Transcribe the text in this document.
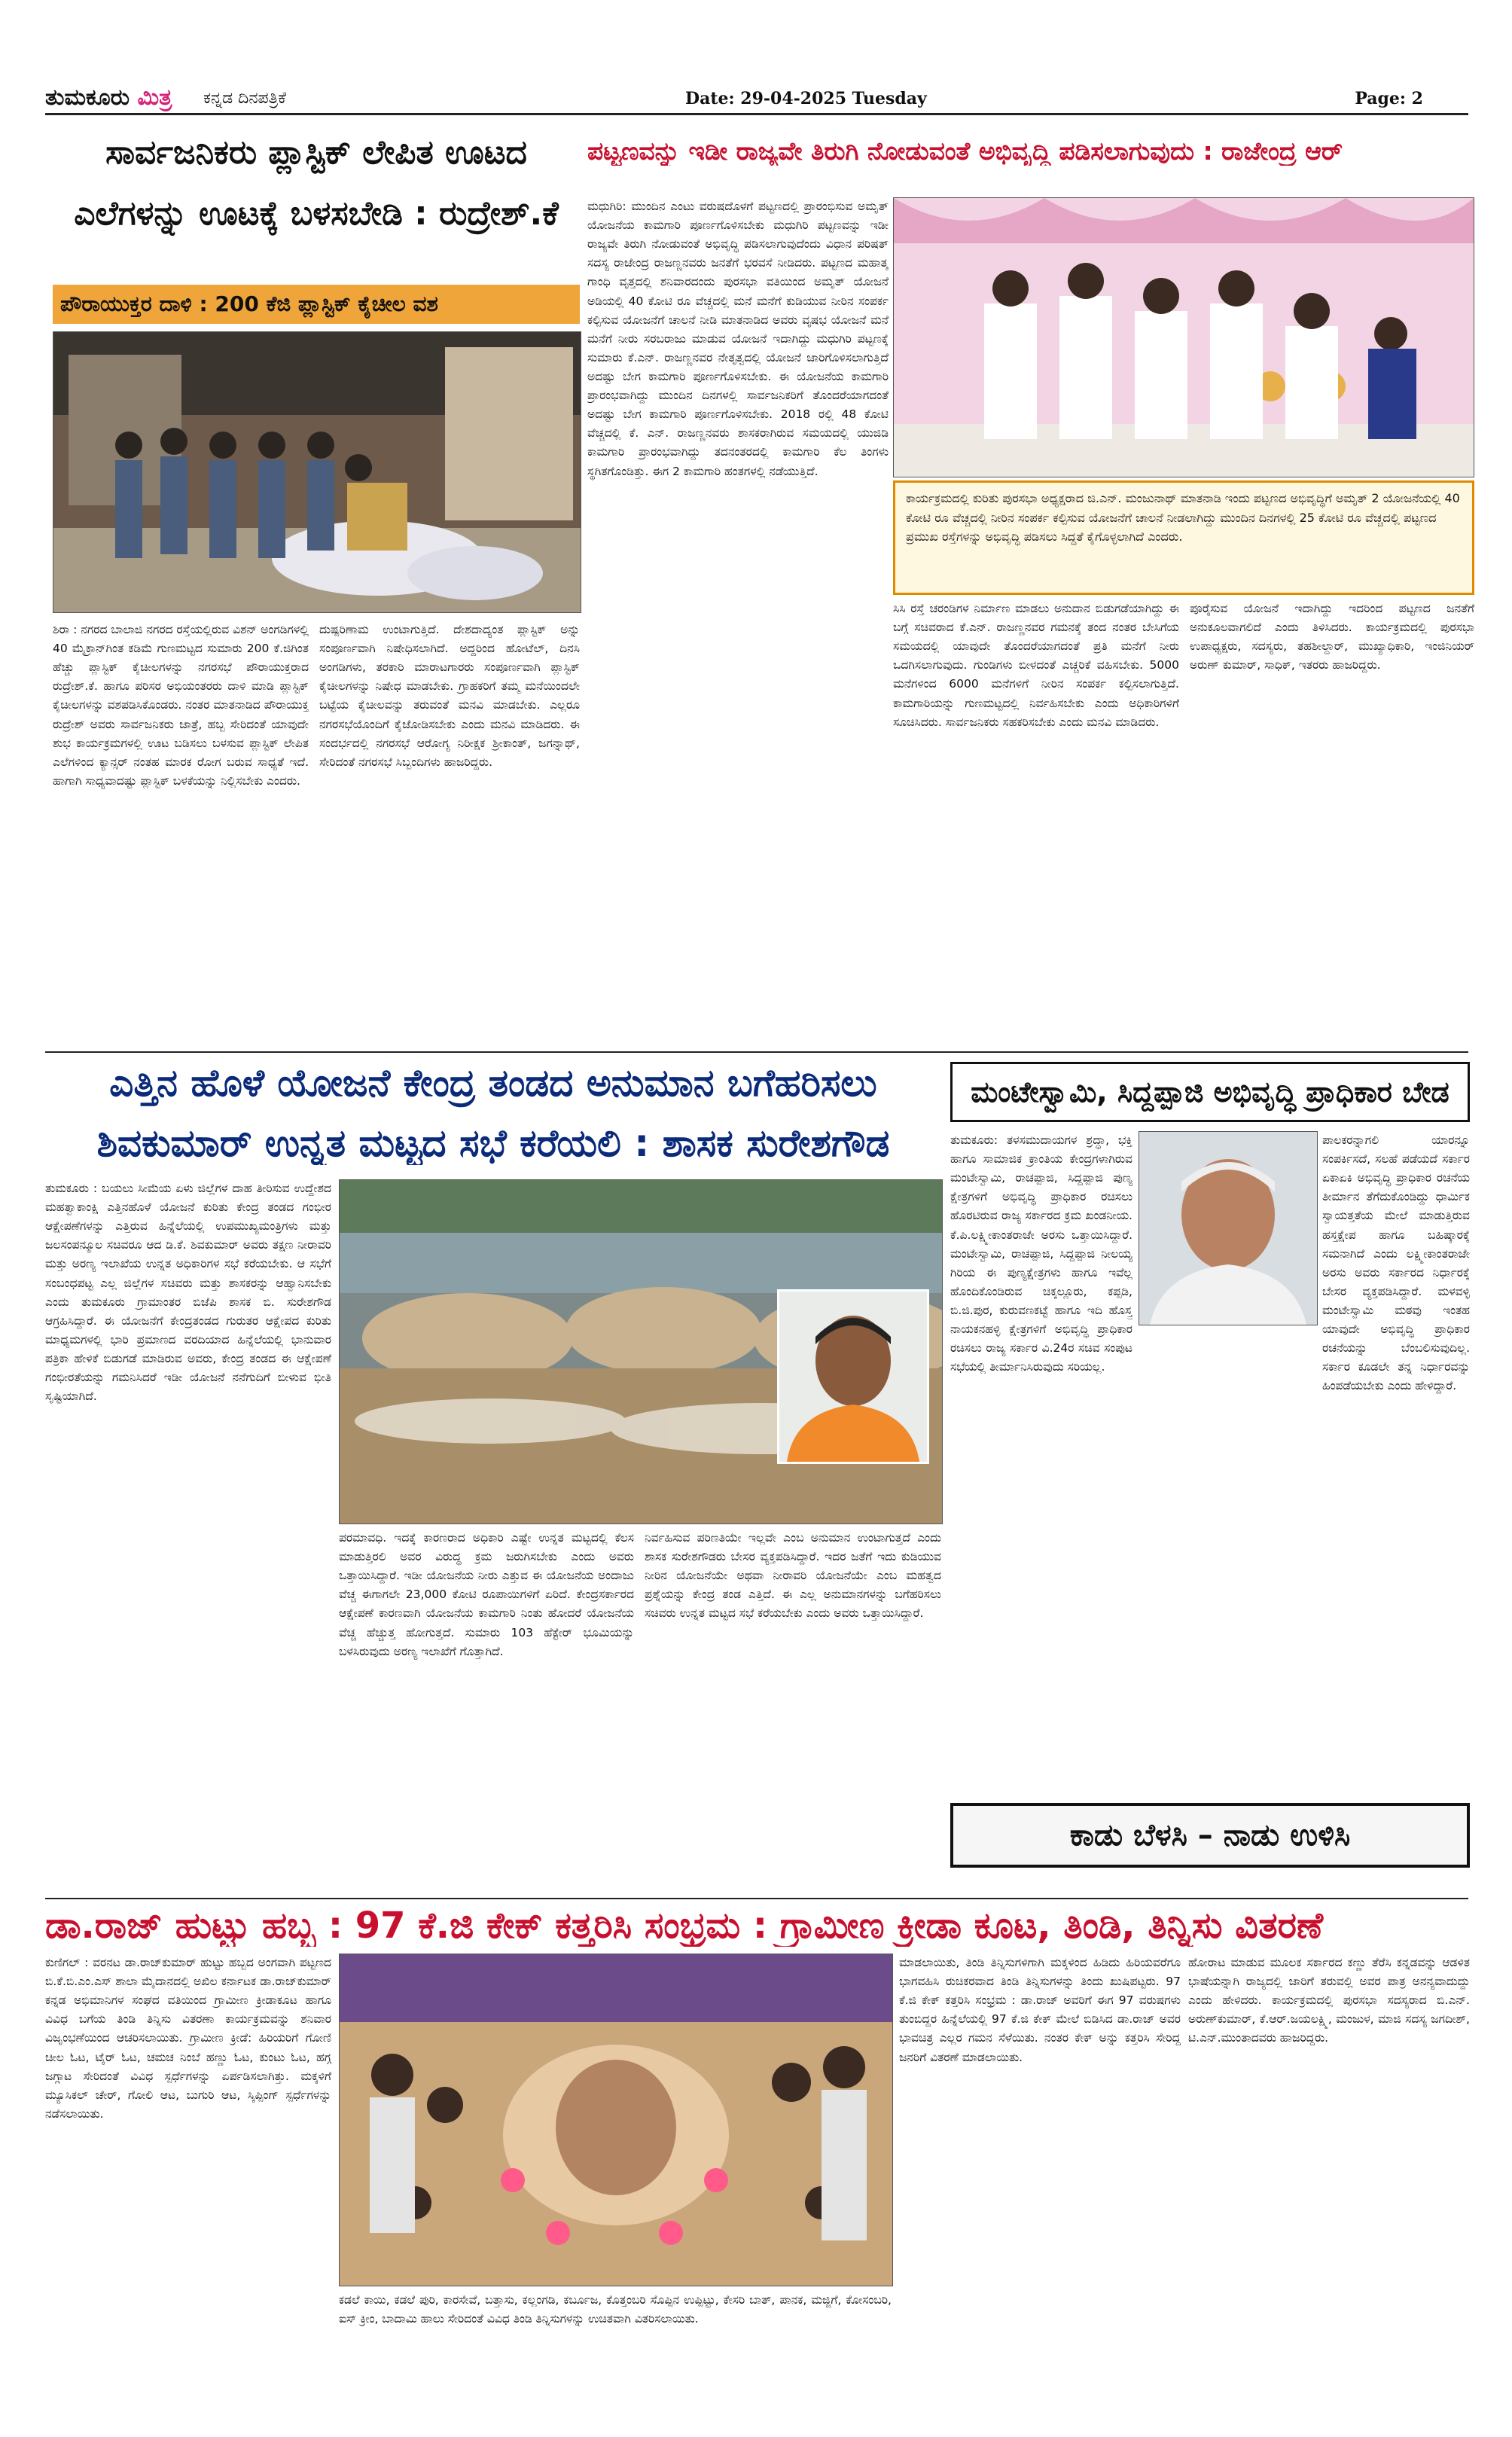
ತುಮಕೂರು ಮಿತ್ರ ಕನ್ನಡ ದಿನಪತ್ರಿಕೆ	Date: 29-04-2025 Tuesday	Page: 2
ಸಾರ್ವಜನಿಕರು ಪ್ಲಾಸ್ಟಿಕ್ ಲೇಪಿತ ಊಟದ
ಎಲೆಗಳನ್ನು ಊಟಕ್ಕೆ ಬಳಸಬೇಡಿ : ರುದ್ರೇಶ್.ಕೆ
ಪೌರಾಯುಕ್ತರ ದಾಳಿ : 200 ಕೆಜಿ ಪ್ಲಾಸ್ಟಿಕ್ ಕೈಚೀಲ ವಶ
ಶಿರಾ : ನಗರದ ಬಾಲಾಜಿ ನಗರದ ರಸ್ತೆಯಲ್ಲಿರುವ ವಿಶನ್ ಅಂಗಡಿಗಳಲ್ಲಿ 40 ಮೈಕ್ರಾನ್‌ಗಿಂತ ಕಡಿಮೆ ಗುಣಮಟ್ಟದ ಸುಮಾರು 200 ಕೆ.ಜಿಗಿಂತ ಹೆಚ್ಚು ಪ್ಲಾಸ್ಟಿಕ್ ಕೈಚೀಲಗಳನ್ನು ನಗರಸಭೆ ಪೌರಾಯುಕ್ತರಾದ ರುದ್ರೇಶ್.ಕೆ. ಹಾಗೂ ಪರಿಸರ ಅಭಿಯಂತರರು ದಾಳಿ ಮಾಡಿ ಪ್ಲಾಸ್ಟಿಕ್ ಕೈಚೀಲಗಳನ್ನು ವಶಪಡಿಸಿಕೊಂಡರು. ನಂತರ ಮಾತನಾಡಿದ ಪೌರಾಯುಕ್ತ ರುದ್ರೇಶ್ ಅವರು ಸಾರ್ವಜನಿಕರು ಜಾತ್ರೆ, ಹಬ್ಬ ಸೇರಿದಂತೆ ಯಾವುದೇ ಶುಭ ಕಾರ್ಯಕ್ರಮಗಳಲ್ಲಿ ಊಟ ಬಡಿಸಲು ಬಳಸುವ ಪ್ಲಾಸ್ಟಿಕ್ ಲೇಪಿತ ಎಲೆಗಳಿಂದ ಕ್ಯಾನ್ಸರ್ ನಂತಹ ಮಾರಕ ರೋಗ ಬರುವ ಸಾಧ್ಯತೆ ಇದೆ. ಹಾಗಾಗಿ ಸಾಧ್ಯವಾದಷ್ಟು ಪ್ಲಾಸ್ಟಿಕ್ ಬಳಕೆಯನ್ನು ನಿಲ್ಲಿಸಬೇಕು ಎಂದರು.
ದುಷ್ಪರಿಣಾಮ ಉಂಟಾಗುತ್ತಿದೆ. ದೇಶದಾದ್ಯಂತ ಪ್ಲಾಸ್ಟಿಕ್ ಅನ್ನು ಸಂಪೂರ್ಣವಾಗಿ ನಿಷೇಧಿಸಲಾಗಿದೆ. ಅದ್ದರಿಂದ ಹೋಟೆಲ್, ದಿನಸಿ ಅಂಗಡಿಗಳು, ತರಕಾರಿ ಮಾರಾಟಗಾರರು ಸಂಪೂರ್ಣವಾಗಿ ಪ್ಲಾಸ್ಟಿಕ್ ಕೈಚೀಲಗಳನ್ನು ನಿಷೇಧ ಮಾಡಬೇಕು. ಗ್ರಾಹಕರಿಗೆ ತಮ್ಮ ಮನೆಯಿಂದಲೇ ಬಟ್ಟೆಯ ಕೈಚೀಲವನ್ನು ತರುವಂತೆ ಮನವಿ ಮಾಡಬೇಕು. ಎಲ್ಲರೂ ನಗರಸಭೆಯೊಂದಿಗೆ ಕೈಜೋಡಿಸಬೇಕು ಎಂದು ಮನವಿ ಮಾಡಿದರು. ಈ ಸಂದರ್ಭದಲ್ಲಿ ನಗರಸಭೆ ಆರೋಗ್ಯ ನಿರೀಕ್ಷಕ ಶ್ರೀಕಾಂತ್, ಜಗನ್ನಾಥ್, ಸೇರಿದಂತೆ ನಗರಸಭೆ ಸಿಬ್ಬಂದಿಗಳು ಹಾಜರಿದ್ದರು.
ಪಟ್ಟಣವನ್ನು ಇಡೀ ರಾಜ್ಯವೇ ತಿರುಗಿ ನೋಡುವಂತೆ ಅಭಿವೃದ್ಧಿ ಪಡಿಸಲಾಗುವುದು : ರಾಜೇಂದ್ರ ಆರ್
ಮಧುಗಿರಿ: ಮುಂದಿನ ಎಂಟು ವರುಷದೊಳಗೆ ಪಟ್ಟಣದಲ್ಲಿ ಪ್ರಾರಂಭಿಸುವ ಅಮೃತ್ ಯೋಜನೆಯ ಕಾಮಗಾರಿ ಪೂರ್ಣಗೊಳಿಸಬೇಕು ಮಧುಗಿರಿ ಪಟ್ಟಣವನ್ನು ಇಡೀ ರಾಜ್ಯವೇ ತಿರುಗಿ ನೋಡುವಂತೆ ಅಭಿವೃದ್ಧಿ ಪಡಿಸಲಾಗುವುದೆಂದು ವಿಧಾನ ಪರಿಷತ್ ಸದಸ್ಯ ರಾಜೇಂದ್ರ ರಾಜಣ್ಣನವರು ಜನತೆಗೆ ಭರವಸೆ ನೀಡಿದರು. ಪಟ್ಟಣದ ಮಹಾತ್ಮ ಗಾಂಧಿ ವೃತ್ತದಲ್ಲಿ ಶನಿವಾರದಂದು ಪುರಸಭಾ ವತಿಯಿಂದ ಅಮೃತ್ ಯೋಜನೆ ಅಡಿಯಲ್ಲಿ 40 ಕೋಟಿ ರೂ ವೆಚ್ಚದಲ್ಲಿ ಮನೆ ಮನೆಗೆ ಕುಡಿಯುವ ನೀರಿನ ಸಂಪರ್ಕ ಕಲ್ಪಿಸುವ ಯೋಜನೆಗೆ ಚಾಲನೆ ನೀಡಿ ಮಾತನಾಡಿದ ಅವರು ವೃಷಭ ಯೋಜನೆ ಮನೆ ಮನೆಗೆ ನೀರು ಸರಬರಾಜು ಮಾಡುವ ಯೋಜನೆ ಇದಾಗಿದ್ದು ಮಧುಗಿರಿ ಪಟ್ಟಣಕ್ಕೆ ಸುಮಾರು ಕೆ.ಎನ್. ರಾಜಣ್ಣನವರ ನೇತೃತ್ವದಲ್ಲಿ ಯೋಜನೆ ಜಾರಿಗೊಳಿಸಲಾಗುತ್ತಿದೆ ಅದಷ್ಟು ಬೇಗ ಕಾಮಗಾರಿ ಪೂರ್ಣಗೊಳಿಸಬೇಕು. ಈ ಯೋಜನೆಯ ಕಾಮಗಾರಿ ಪ್ರಾರಂಭವಾಗಿದ್ದು ಮುಂದಿನ ದಿನಗಳಲ್ಲಿ ಸಾರ್ವಜನಿಕರಿಗೆ ತೊಂದರೆಯಾಗದಂತೆ ಅದಷ್ಟು ಬೇಗ ಕಾಮಗಾರಿ ಪೂರ್ಣಗೊಳಿಸಬೇಕು. 2018 ರಲ್ಲಿ 48 ಕೋಟಿ ವೆಚ್ಚದಲ್ಲಿ ಕೆ. ಎನ್. ರಾಜಣ್ಣನವರು ಶಾಸಕರಾಗಿರುವ ಸಮಯದಲ್ಲಿ ಯುಜಿಡಿ ಕಾಮಗಾರಿ ಪ್ರಾರಂಭವಾಗಿದ್ದು ತದನಂತರದಲ್ಲಿ ಕಾಮಗಾರಿ ಕೆಲ ತಿಂಗಳು ಸ್ಥಗಿತಗೊಂಡಿತ್ತು. ಈಗ 2 ಕಾಮಗಾರಿ ಹಂತಗಳಲ್ಲಿ ನಡೆಯುತ್ತಿದೆ.
ಕಾರ್ಯಕ್ರಮದಲ್ಲಿ ಕುರಿತು ಪುರಸಭಾ ಅಧ್ಯಕ್ಷರಾದ ಜಿ.ಎನ್. ಮಂಜುನಾಥ್ ಮಾತನಾಡಿ ಇಂದು ಪಟ್ಟಣದ ಅಭಿವೃದ್ಧಿಗೆ ಅಮೃತ್ 2 ಯೋಜನೆಯಲ್ಲಿ 40 ಕೋಟಿ ರೂ ವೆಚ್ಚದಲ್ಲಿ ನೀರಿನ ಸಂಪರ್ಕ ಕಲ್ಪಿಸುವ ಯೋಜನೆಗೆ ಚಾಲನೆ ನೀಡಲಾಗಿದ್ದು ಮುಂದಿನ ದಿನಗಳಲ್ಲಿ 25 ಕೋಟಿ ರೂ ವೆಚ್ಚದಲ್ಲಿ ಪಟ್ಟಣದ ಪ್ರಮುಖ ರಸ್ತೆಗಳನ್ನು ಅಭಿವೃದ್ಧಿ ಪಡಿಸಲು ಸಿದ್ದತೆ ಕೈಗೊಳ್ಳಲಾಗಿದೆ ಎಂದರು.
ಸಿಸಿ ರಸ್ತೆ ಚರಂಡಿಗಳ ನಿರ್ಮಾಣ ಮಾಡಲು ಅನುದಾನ ಬಿಡುಗಡೆಯಾಗಿದ್ದು ಈ ಬಗ್ಗೆ ಸಚಿವರಾದ ಕೆ.ಎನ್. ರಾಜಣ್ಣನವರ ಗಮನಕ್ಕೆ ತಂದ ನಂತರ ಬೇಸಿಗೆಯ ಸಮಯದಲ್ಲಿ ಯಾವುದೇ ತೊಂದರೆಯಾಗದಂತೆ ಪ್ರತಿ ಮನೆಗೆ ನೀರು ಒದಗಿಸಲಾಗುವುದು. ಗುಂಡಿಗಳು ಬೀಳದಂತೆ ಎಚ್ಚರಿಕೆ ವಹಿಸಬೇಕು. 5000 ಮನೆಗಳಿಂದ 6000 ಮನೆಗಳಿಗೆ ನೀರಿನ ಸಂಪರ್ಕ ಕಲ್ಪಿಸಲಾಗುತ್ತಿದೆ. ಕಾಮಗಾರಿಯನ್ನು ಗುಣಮಟ್ಟದಲ್ಲಿ ನಿರ್ವಹಿಸಬೇಕು ಎಂದು ಅಧಿಕಾರಿಗಳಿಗೆ ಸೂಚಿಸಿದರು. ಸಾರ್ವಜನಿಕರು ಸಹಕರಿಸಬೇಕು ಎಂದು ಮನವಿ ಮಾಡಿದರು.
ಪೂರೈಸುವ ಯೋಜನೆ ಇದಾಗಿದ್ದು ಇದರಿಂದ ಪಟ್ಟಣದ ಜನತೆಗೆ ಅನುಕೂಲವಾಗಲಿದೆ ಎಂದು ತಿಳಿಸಿದರು. ಕಾರ್ಯಕ್ರಮದಲ್ಲಿ ಪುರಸಭಾ ಉಪಾಧ್ಯಕ್ಷರು, ಸದಸ್ಯರು, ತಹಶೀಲ್ದಾರ್, ಮುಖ್ಯಾಧಿಕಾರಿ, ಇಂಜಿನಿಯರ್ ಅರುಣ್ ಕುಮಾರ್, ಸಾಧಿಕ್, ಇತರರು ಹಾಜರಿದ್ದರು.
ಎತ್ತಿನ ಹೊಳೆ ಯೋಜನೆ ಕೇಂದ್ರ ತಂಡದ ಅನುಮಾನ ಬಗೆಹರಿಸಲು
ಶಿವಕುಮಾರ್ ಉನ್ನತ ಮಟ್ಟದ ಸಭೆ ಕರೆಯಲಿ : ಶಾಸಕ ಸುರೇಶಗೌಡ
ತುಮಕೂರು : ಬಯಲು ಸೀಮೆಯ ಏಳು ಜಿಲ್ಲೆಗಳ ದಾಹ ತೀರಿಸುವ ಉದ್ದೇಶದ ಮಹತ್ವಾಕಾಂಕ್ಷಿ ಎತ್ತಿನಹೊಳೆ ಯೋಜನೆ ಕುರಿತು ಕೇಂದ್ರ ತಂಡದ ಗಂಭೀರ ಆಕ್ಷೇಪಣೆಗಳನ್ನು ಎತ್ತಿರುವ ಹಿನ್ನೆಲೆಯಲ್ಲಿ ಉಪಮುಖ್ಯಮಂತ್ರಿಗಳು ಮತ್ತು ಜಲಸಂಪನ್ಮೂಲ ಸಚಿವರೂ ಆದ ಡಿ.ಕೆ. ಶಿವಕುಮಾರ್ ಅವರು ತಕ್ಷಣ ನೀರಾವರಿ ಮತ್ತು ಅರಣ್ಯ ಇಲಾಖೆಯ ಉನ್ನತ ಅಧಿಕಾರಿಗಳ ಸಭೆ ಕರೆಯಬೇಕು. ಆ ಸಭೆಗೆ ಸಂಬಂಧಪಟ್ಟ ಎಲ್ಲ ಜಿಲ್ಲೆಗಳ ಸಚಿವರು ಮತ್ತು ಶಾಸಕರನ್ನು ಆಹ್ವಾನಿಸಬೇಕು ಎಂದು ತುಮಕೂರು ಗ್ರಾಮಾಂತರ ಬಿಜೆಪಿ ಶಾಸಕ ಬಿ. ಸುರೇಶಗೌಡ ಆಗ್ರಹಿಸಿದ್ದಾರೆ. ಈ ಯೋಜನೆಗೆ ಕೇಂದ್ರತಂಡದ ಗುರುತರ ಆಕ್ಷೇಪದ ಕುರಿತು ಮಾಧ್ಯಮಗಳಲ್ಲಿ ಭಾರಿ ಪ್ರಮಾಣದ ವರದಿಯಾದ ಹಿನ್ನೆಲೆಯಲ್ಲಿ ಭಾನುವಾರ ಪತ್ರಿಕಾ ಹೇಳಿಕೆ ಬಿಡುಗಡೆ ಮಾಡಿರುವ ಅವರು, ಕೇಂದ್ರ ತಂಡದ ಈ ಆಕ್ಷೇಪಣೆ ಗಂಭೀರತೆಯನ್ನು ಗಮನಿಸಿದರೆ ಇಡೀ ಯೋಜನೆ ನನೆಗುದಿಗೆ ಬೀಳುವ ಭೀತಿ ಸೃಷ್ಟಿಯಾಗಿದೆ.
ಪರಮಾವಧಿ. ಇದಕ್ಕೆ ಕಾರಣರಾದ ಅಧಿಕಾರಿ ಎಷ್ಟೇ ಉನ್ನತ ಮಟ್ಟದಲ್ಲಿ ಕೆಲಸ ಮಾಡುತ್ತಿರಲಿ ಅವರ ವಿರುದ್ಧ ಕ್ರಮ ಜರುಗಿಸಬೇಕು ಎಂದು ಅವರು ಒತ್ತಾಯಿಸಿದ್ದಾರೆ. ಇಡೀ ಯೋಜನೆಯ ನೀರು ಎತ್ತುವ ಈ ಯೋಜನೆಯ ಅಂದಾಜು ವೆಚ್ಚ ಈಗಾಗಲೇ 23,000 ಕೋಟಿ ರೂಪಾಯಿಗಳಿಗೆ ಏರಿದೆ. ಕೇಂದ್ರಸರ್ಕಾರದ ಆಕ್ಷೇಪಣೆ ಕಾರಣವಾಗಿ ಯೋಜನೆಯ ಕಾಮಗಾರಿ ನಿಂತು ಹೋದರೆ ಯೋಜನೆಯ ವೆಚ್ಚ ಹೆಚ್ಚುತ್ತ ಹೋಗುತ್ತದೆ. ಸುಮಾರು 103 ಹೆಕ್ಟೇರ್ ಭೂಮಿಯನ್ನು ಬಳಸಿರುವುದು ಅರಣ್ಯ ಇಲಾಖೆಗೆ ಗೊತ್ತಾಗಿದೆ.
ನಿರ್ವಹಿಸುವ ಪರಿಣತಿಯೇ ಇಲ್ಲವೇ ಎಂಬ ಅನುಮಾನ ಉಂಟಾಗುತ್ತದೆ ಎಂದು ಶಾಸಕ ಸುರೇಶಗೌಡರು ಬೇಸರ ವ್ಯಕ್ತಪಡಿಸಿದ್ದಾರೆ. ಇದರ ಜತೆಗೆ ಇದು ಕುಡಿಯುವ ನೀರಿನ ಯೋಜನೆಯೇ ಅಥವಾ ನೀರಾವರಿ ಯೋಜನೆಯೇ ಎಂಬ ಮಹತ್ವದ ಪ್ರಶ್ನೆಯನ್ನು ಕೇಂದ್ರ ತಂಡ ಎತ್ತಿದೆ. ಈ ಎಲ್ಲ ಅನುಮಾನಗಳನ್ನು ಬಗೆಹರಿಸಲು ಸಚಿವರು ಉನ್ನತ ಮಟ್ಟದ ಸಭೆ ಕರೆಯಬೇಕು ಎಂದು ಅವರು ಒತ್ತಾಯಿಸಿದ್ದಾರೆ.
ಮಂಟೇಸ್ವಾಮಿ, ಸಿದ್ದಪ್ಪಾಜಿ ಅಭಿವೃದ್ಧಿ ಪ್ರಾಧಿಕಾರ ಬೇಡ
ತುಮಕೂರು: ತಳಸಮುದಾಯಗಳ ಶ್ರದ್ಧಾ, ಭಕ್ತಿ ಹಾಗೂ ಸಾಮಾಜಿಕ ಕ್ರಾಂತಿಯ ಕೇಂದ್ರಗಳಾಗಿರುವ ಮಂಟೇಸ್ವಾಮಿ, ರಾಚಪ್ಪಾಜಿ, ಸಿದ್ದಪ್ಪಾಜಿ ಪುಣ್ಯ ಕ್ಷೇತ್ರಗಳಿಗೆ ಅಭಿವೃದ್ಧಿ ಪ್ರಾಧಿಕಾರ ರಚಿಸಲು ಹೊರಟಿರುವ ರಾಜ್ಯ ಸರ್ಕಾರದ ಕ್ರಮ ಖಂಡನೀಯ. ಕೆ.ಪಿ.ಲಕ್ಷ್ಮೀಕಾಂತರಾಜೇ ಅರಸು ಒತ್ತಾಯಿಸಿದ್ದಾರೆ. ಮಂಟೇಸ್ವಾಮಿ, ರಾಚಪ್ಪಾಜಿ, ಸಿದ್ದಪ್ಪಾಜಿ ನೀಲಯ್ಯ ಗಿರಿಯ ಈ ಪುಣ್ಯಕ್ಷೇತ್ರಗಳು ಹಾಗೂ ಇವೆಲ್ಲ ಹೊಂದಿಕೊಂಡಿರುವ ಚಿಕ್ಕಲ್ಲೂರು, ಕಪ್ಪಡಿ, ಬಿ.ಜಿ.ಪುರ, ಕುರುವಣಕಟ್ಟೆ ಹಾಗೂ ಇದಿ ಹೊಸ್ತ್ರ ನಾಯಕನಹಳ್ಳಿ ಕ್ಷೇತ್ರಗಳಿಗೆ ಅಭಿವೃದ್ಧಿ ಪ್ರಾಧಿಕಾರ ರಚಿಸಲು ರಾಜ್ಯ ಸರ್ಕಾರ ವಿ.24ರ ಸಚಿವ ಸಂಪುಟ ಸಭೆಯಲ್ಲಿ ತೀರ್ಮಾನಿಸಿರುವುದು ಸರಿಯಲ್ಲ.
ಪಾಲಕರನ್ನಾಗಲಿ ಯಾರನ್ನೂ ಸಂಪರ್ಕಿಸದೆ, ಸಲಹೆ ಪಡೆಯದೆ ಸರ್ಕಾರ ಏಕಾಏಕಿ ಅಭಿವೃದ್ಧಿ ಪ್ರಾಧಿಕಾರ ರಚನೆಯ ತೀರ್ಮಾನ ತೆಗೆದುಕೊಂಡಿದ್ದು ಧಾರ್ಮಿಕ ಸ್ವಾಯತ್ತತೆಯ ಮೇಲೆ ಮಾಡುತ್ತಿರುವ ಹಸ್ತಕ್ಷೇಪ ಹಾಗೂ ಬಹಿಷ್ಕಾರಕ್ಕೆ ಸಮನಾಗಿದೆ ಎಂದು ಲಕ್ಷ್ಮೀಕಾಂತರಾಜೇ ಅರಸು ಅವರು ಸರ್ಕಾರದ ನಿರ್ಧಾರಕ್ಕೆ ಬೇಸರ ವ್ಯಕ್ತಪಡಿಸಿದ್ದಾರೆ. ಮಳವಳ್ಳಿ ಮಂಟೇಸ್ವಾಮಿ ಮಠವು ಇಂತಹ ಯಾವುದೇ ಅಭಿವೃದ್ಧಿ ಪ್ರಾಧಿಕಾರ ರಚನೆಯನ್ನು ಬೆಂಬಲಿಸುವುದಿಲ್ಲ. ಸರ್ಕಾರ ಕೂಡಲೇ ತನ್ನ ನಿರ್ಧಾರವನ್ನು ಹಿಂಪಡೆಯಬೇಕು ಎಂದು ಹೇಳಿದ್ದಾರೆ.
ಕಾಡು ಬೆಳಸಿ – ನಾಡು ಉಳಿಸಿ
ಡಾ.ರಾಜ್ ಹುಟ್ಟು ಹಬ್ಬ : 97 ಕೆ.ಜಿ ಕೇಕ್ ಕತ್ತರಿಸಿ ಸಂಭ್ರಮ : ಗ್ರಾಮೀಣ ಕ್ರೀಡಾ ಕೂಟ, ತಿಂಡಿ, ತಿನ್ನಿಸು ವಿತರಣೆ
ಕುಣಿಗಲ್ : ವರನಟ ಡಾ.ರಾಜ್‌ಕುಮಾರ್ ಹುಟ್ಟು ಹಬ್ಬದ ಅಂಗವಾಗಿ ಪಟ್ಟಣದ ಬಿ.ಕೆ.ಬಿ.ಎಂ.ಎಸ್ ಶಾಲಾ ಮೈದಾನದಲ್ಲಿ ಅಖಿಲ ಕರ್ನಾಟಕ ಡಾ.ರಾಜ್‌ಕುಮಾರ್ ಕನ್ನಡ ಅಭಿಮಾನಿಗಳ ಸಂಘದ ವತಿಯಿಂದ ಗ್ರಾಮೀಣ ಕ್ರೀಡಾಕೂಟ ಹಾಗೂ ವಿವಿಧ ಬಗೆಯ ತಿಂಡಿ ತಿನ್ನಿಸು ವಿತರಣಾ ಕಾರ್ಯಕ್ರಮವನ್ನು ಶನಿವಾರ ವಿಜೃಂಭಣೆಯಿಂದ ಆಚರಿಸಲಾಯಿತು. ಗ್ರಾಮೀಣ ಕ್ರೀಡೆ: ಹಿರಿಯರಿಗೆ ಗೋಣಿ ಚೀಲ ಓಟ, ಟೈರ್ ಓಟ, ಚಮಚ ನಿಂಬೆ ಹಣ್ಣು ಓಟ, ಕುಂಟು ಓಟ, ಹಗ್ಗ ಜಗ್ಗಾಟ ಸೇರಿದಂತೆ ವಿವಿಧ ಸ್ಪರ್ಧೆಗಳನ್ನು ಏರ್ಪಡಿಸಲಾಗಿತ್ತು. ಮಕ್ಕಳಿಗೆ ಮ್ಯೂಸಿಕಲ್ ಚೇರ್, ಗೋಲಿ ಆಟ, ಬುಗುರಿ ಆಟ, ಸ್ಕಿಪ್ಪಿಂಗ್ ಸ್ಪರ್ಧೆಗಳನ್ನು ನಡೆಸಲಾಯಿತು.
ಕಡಲೆ ಕಾಯಿ, ಕಡಲೆ ಪುರಿ, ಕಾರಸೇವೆ, ಬತ್ತಾಸು, ಕಲ್ಲಂಗಡಿ, ಕರ್ಬೂಜ, ಕೊತ್ತಂಬರಿ ಸೊಪ್ಪಿನ ಉಪ್ಪಿಟ್ಟು, ಕೇಸರಿ ಬಾತ್, ಪಾನಕ, ಮಜ್ಜಿಗೆ, ಕೋಸಂಬರಿ, ಐಸ್ ಕ್ರೀಂ, ಬಾದಾಮಿ ಹಾಲು ಸೇರಿದಂತೆ ವಿವಿಧ ತಿಂಡಿ ತಿನ್ನಿಸುಗಳನ್ನು ಉಚಿತವಾಗಿ ವಿತರಿಸಲಾಯಿತು.
ಮಾಡಲಾಯಿತು, ತಿಂಡಿ ತಿನ್ನಿಸುಗಳಿಗಾಗಿ ಮಕ್ಕಳಿಂದ ಹಿಡಿದು ಹಿರಿಯವರೆಗೂ ಭಾಗವಹಿಸಿ ರುಚಿಕರವಾದ ತಿಂಡಿ ತಿನ್ನಿಸುಗಳನ್ನು ತಿಂದು ಖುಷಿಪಟ್ಟರು. 97 ಕೆ.ಜಿ ಕೇಕ್ ಕತ್ತರಿಸಿ ಸಂಭ್ರಮ : ಡಾ.ರಾಜ್ ಅವರಿಗೆ ಈಗ 97 ವರುಷಗಳು ತುಂಬಿದ್ದರ ಹಿನ್ನೆಲೆಯಲ್ಲಿ 97 ಕೆ.ಜಿ ಕೇಕ್ ಮೇಲೆ ಬಿಡಿಸಿದ ಡಾ.ರಾಜ್ ಅವರ ಭಾವಚಿತ್ರ ಎಲ್ಲರ ಗಮನ ಸೆಳೆಯಿತು. ನಂತರ ಕೇಕ್ ಅನ್ನು ಕತ್ತರಿಸಿ ಸೇರಿದ್ದ ಜನರಿಗೆ ವಿತರಣೆ ಮಾಡಲಾಯಿತು.
ಹೋರಾಟ ಮಾಡುವ ಮೂಲಕ ಸರ್ಕಾರದ ಕಣ್ಣು ತೆರೆಸಿ ಕನ್ನಡವನ್ನು ಆಡಳಿತ ಭಾಷೆಯನ್ನಾಗಿ ರಾಜ್ಯದಲ್ಲಿ ಜಾರಿಗೆ ತರುವಲ್ಲಿ ಅವರ ಪಾತ್ರ ಅನನ್ಯವಾದುದ್ದು ಎಂದು ಹೇಳಿದರು. ಕಾರ್ಯಕ್ರಮದಲ್ಲಿ ಪುರಸಭಾ ಸದಸ್ಯರಾದ ಬಿ.ಎನ್. ಅರುಣ್‌ಕುಮಾರ್, ಕೆ.ಆರ್.ಜಯಲಕ್ಷ್ಮಿ, ಮಂಜುಳ, ಮಾಜಿ ಸದಸ್ಯ ಜಗದೀಶ್, ಟಿ.ಎನ್.ಮುಂತಾದವರು ಹಾಜರಿದ್ದರು.
